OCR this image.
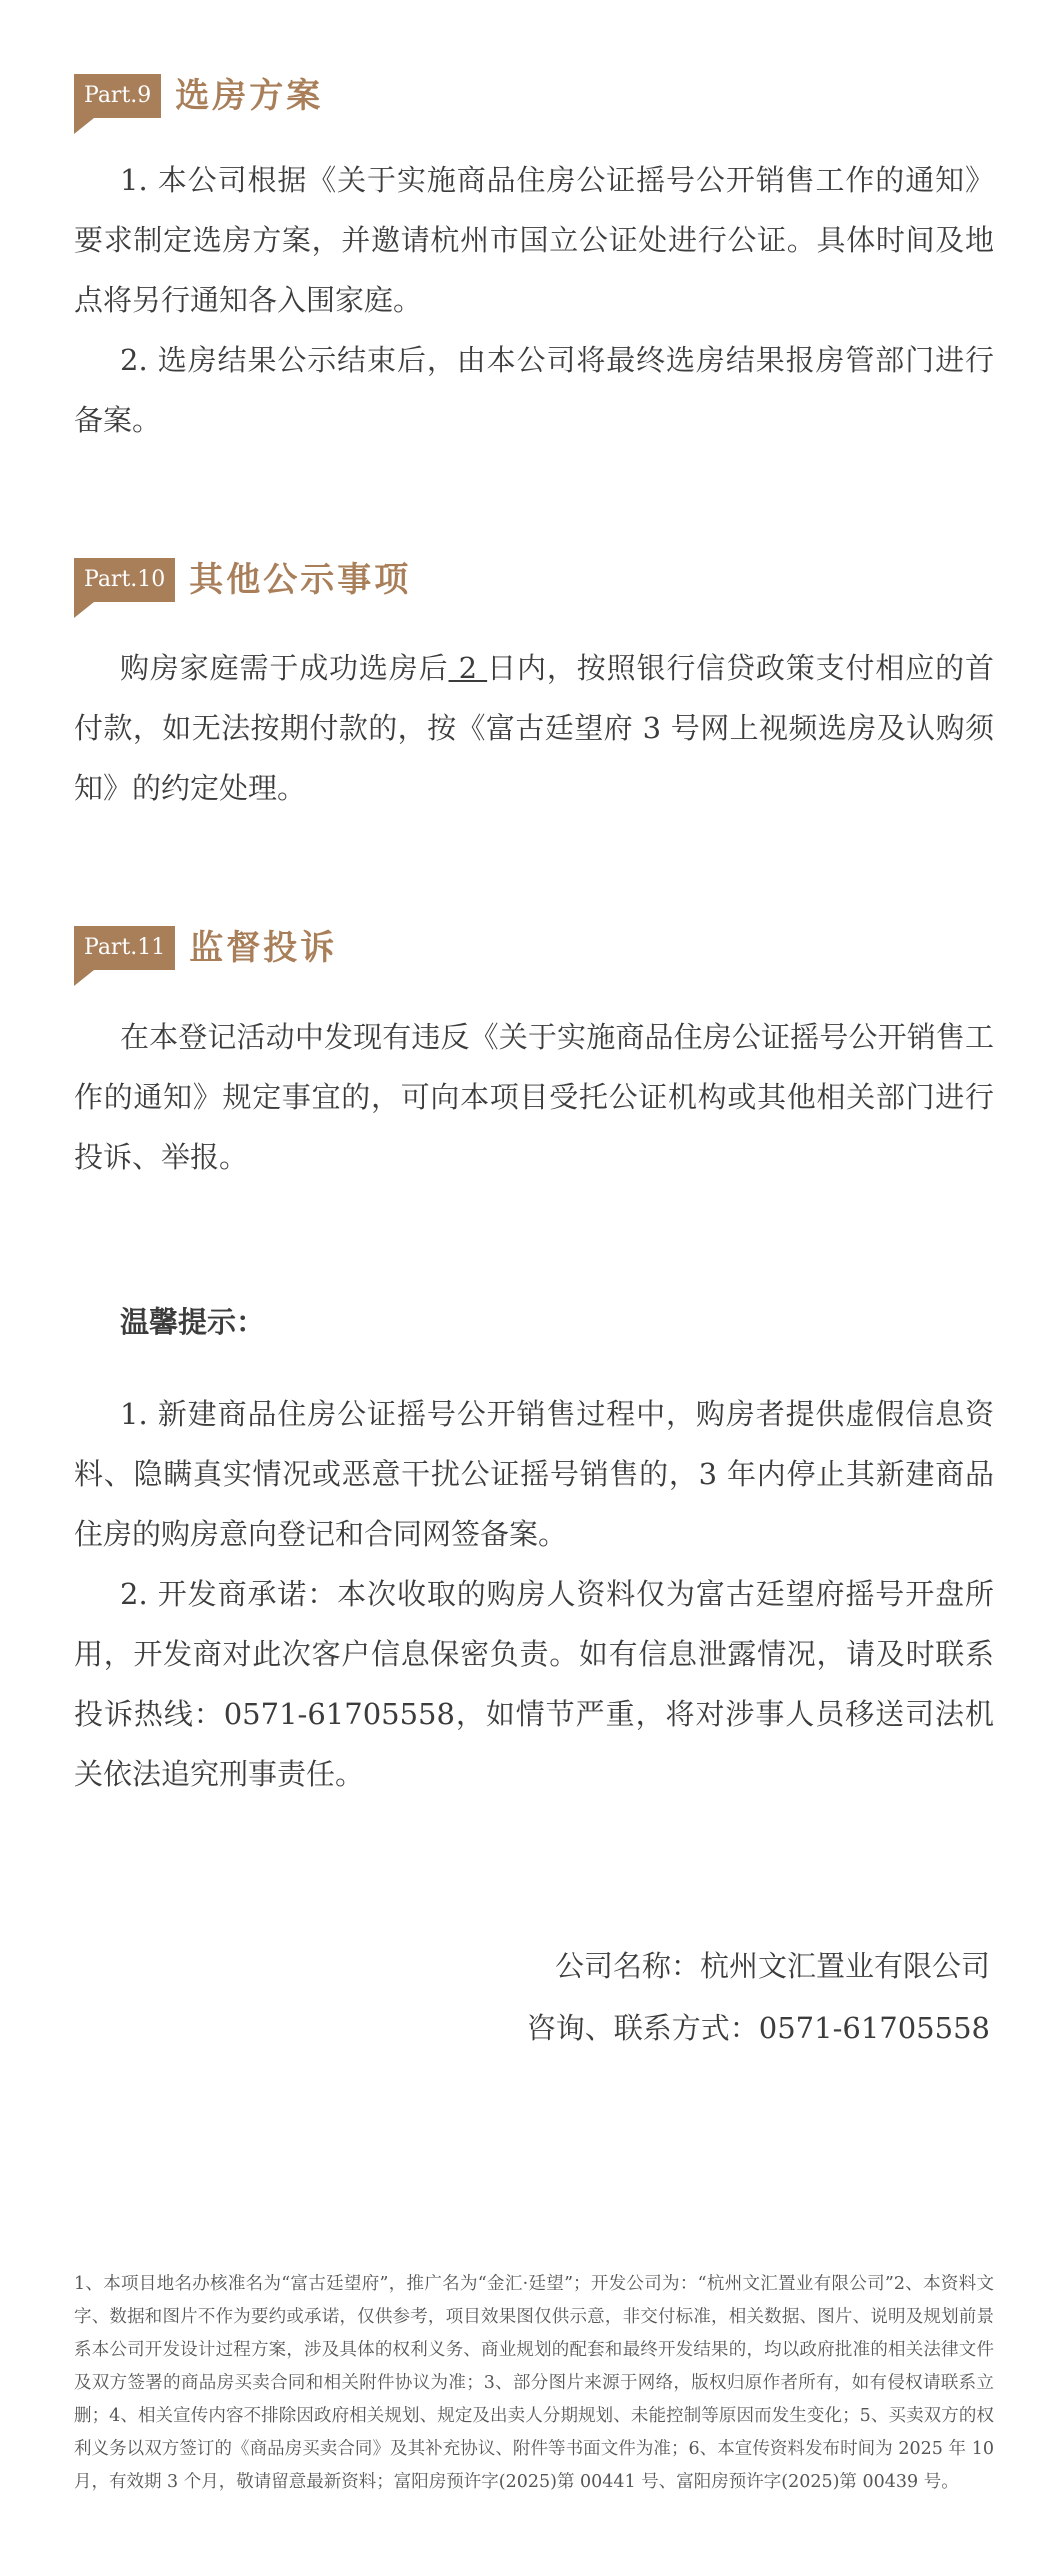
Part.9 选房方案

1. 本公司根据《关于实施商品住房公证摇号公开销售工作的通知》要求制定选房方案，并邀请杭州市国立公证处进行公证。具体时间及地点将另行通知各入围家庭。

2. 选房结果公示结束后，由本公司将最终选房结果报房管部门进行备案。

Part.10 其他公示事项

购房家庭需于成功选房后 2 日内，按照银行信贷政策支付相应的首付款，如无法按期付款的，按《富古廷望府 3 号网上视频选房及认购须知》的约定处理。

Part.11 监督投诉

在本登记活动中发现有违反《关于实施商品住房公证摇号公开销售工作的通知》规定事宜的，可向本项目受托公证机构或其他相关部门进行投诉、举报。

温馨提示：

1. 新建商品住房公证摇号公开销售过程中，购房者提供虚假信息资料、隐瞒真实情况或恶意干扰公证摇号销售的，3 年内停止其新建商品住房的购房意向登记和合同网签备案。

2. 开发商承诺：本次收取的购房人资料仅为富古廷望府摇号开盘所用，开发商对此次客户信息保密负责。如有信息泄露情况，请及时联系投诉热线：0571-61705558，如情节严重，将对涉事人员移送司法机关依法追究刑事责任。

公司名称：杭州文汇置业有限公司
咨询、联系方式：0571-61705558

1、本项目地名办核准名为“富古廷望府”，推广名为“金汇·廷望”；开发公司为：“杭州文汇置业有限公司”2、本资料文字、数据和图片不作为要约或承诺，仅供参考，项目效果图仅供示意，非交付标准，相关数据、图片、说明及规划前景系本公司开发设计过程方案，涉及具体的权利义务、商业规划的配套和最终开发结果的，均以政府批准的相关法律文件及双方签署的商品房买卖合同和相关附件协议为准；3、部分图片来源于网络，版权归原作者所有，如有侵权请联系立删；4、相关宣传内容不排除因政府相关规划、规定及出卖人分期规划、未能控制等原因而发生变化；5、买卖双方的权利义务以双方签订的《商品房买卖合同》及其补充协议、附件等书面文件为准；6、本宣传资料发布时间为 2025 年 10 月，有效期 3 个月，敬请留意最新资料；富阳房预许字(2025)第 00441 号、富阳房预许字(2025)第 00439 号。
